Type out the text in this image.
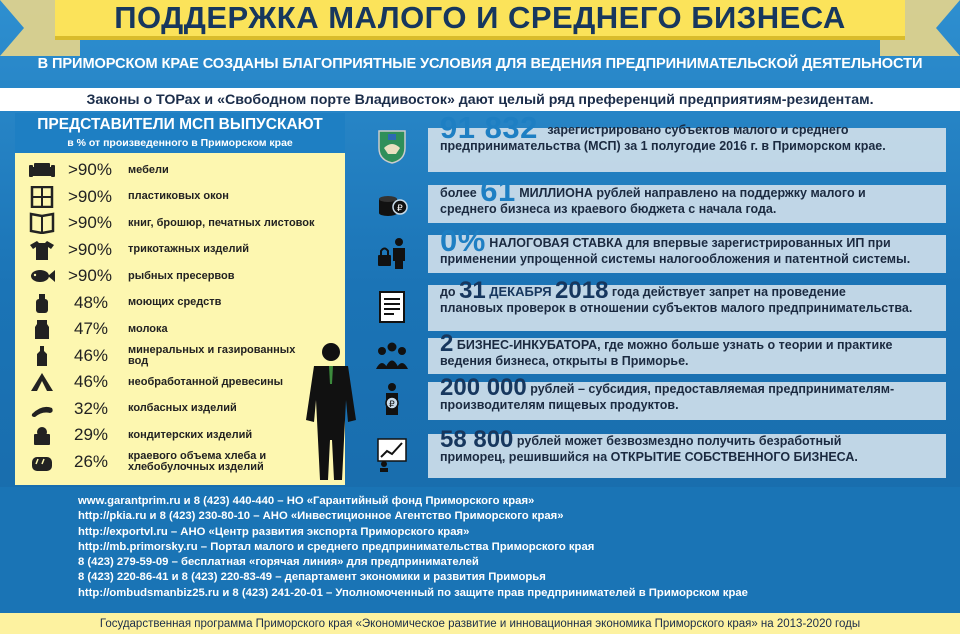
ПОДДЕРЖКА МАЛОГО И СРЕДНЕГО БИЗНЕСА
В ПРИМОРСКОМ КРАЕ СОЗДАНЫ БЛАГОПРИЯТНЫЕ УСЛОВИЯ ДЛЯ ВЕДЕНИЯ ПРЕДПРИНИМАТЕЛЬСКОЙ ДЕЯТЕЛЬНОСТИ
Законы о ТОРах и «Свободном порте Владивосток» дают целый ряд преференций предприятиям-резидентам.
ПРЕДСТАВИТЕЛИ МСП ВЫПУСКАЮТ
в % от произведенного в Приморском крае
>90%	мебели
>90%	пластиковых окон
>90%	книг, брошюр, печатных листовок
>90%	трикотажных изделий
>90%	рыбных пресервов
48%	моющих средств
47%	молока
46%	минеральных и газированных вод
46%	необработанной древесины
32%	колбасных изделий
29%	кондитерских изделий
26%	краевого объема хлеба и хлебобулочных изделий
91 832 зарегистрировано субъектов малого и среднего
предпринимательства (МСП) за 1 полугодие 2016 г. в Приморском крае.
₽
более 61 МИЛЛИОНА рублей направлено на поддержку малого и
среднего бизнеса из краевого бюджета с начала года.
0% НАЛОГОВАЯ СТАВКА для впервые зарегистрированных ИП при
применении упрощенной системы налогообложения и патентной системы.
до 31 ДЕКАБРЯ 2018 года действует запрет на проведение
плановых проверок в отношении субъектов малого предпринимательства.
2 БИЗНЕС-ИНКУБАТОРА, где можно больше узнать о теории и практике
ведения бизнеса, открыты в Приморье.
₽
200 000 рублей – субсидия, предоставляемая предпринимателям-
производителям пищевых продуктов.
58 800 рублей может безвозмездно получить безработный
приморец, решившийся на ОТКРЫТИЕ СОБСТВЕННОГО БИЗНЕСА.
www.garantprim.ru и 8 (423) 440-440 – НО «Гарантийный фонд Приморского края»
http://pkia.ru и 8 (423) 230-80-10 – АНО «Инвестиционное Агентство Приморского края»
http://exportvl.ru – АНО «Центр развития экспорта Приморского края»
http://mb.primorsky.ru – Портал малого и среднего предпринимательства Приморского края
8 (423) 279-59-09 – бесплатная «горячая линия» для предпринимателей
8 (423) 220-86-41 и 8 (423) 220-83-49 – департамент экономики и развития Приморья
http://ombudsmanbiz25.ru и 8 (423) 241-20-01 – Уполномоченный по защите прав предпринимателей в Приморском крае
Государственная программа Приморского края «Экономическое развитие и инновационная экономика Приморского края» на 2013-2020 годы
